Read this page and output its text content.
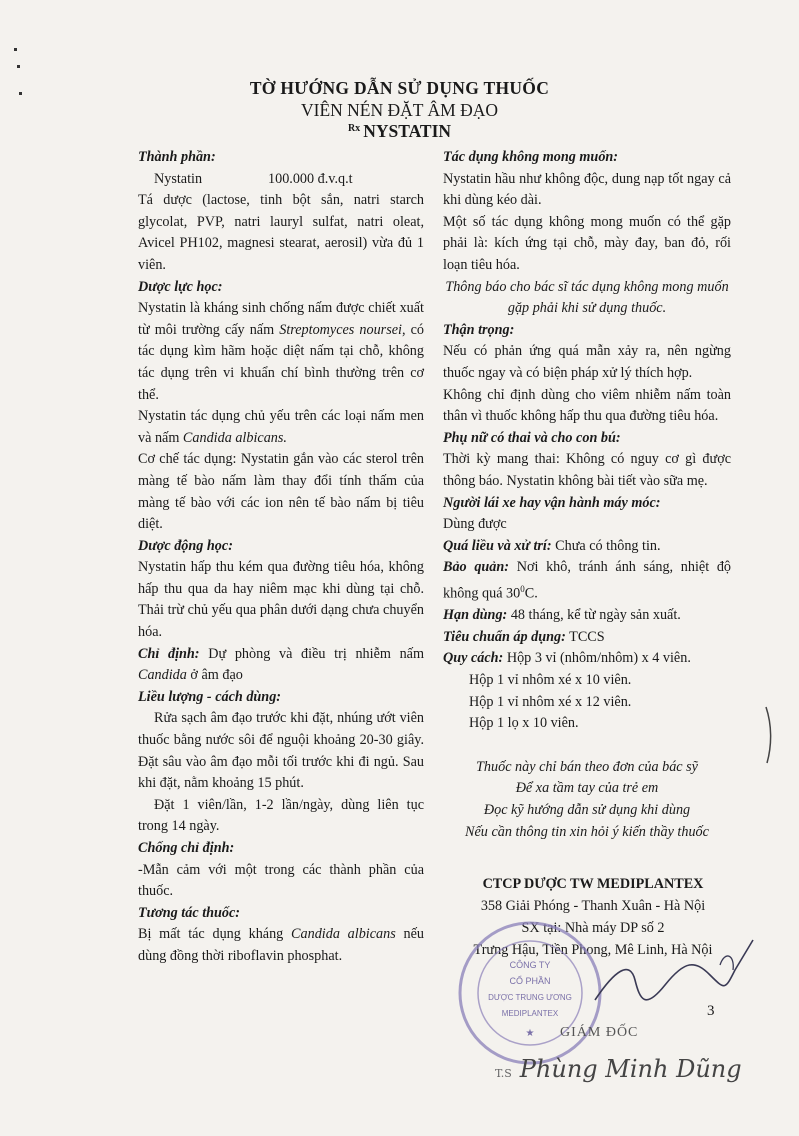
TỜ HƯỚNG DẪN SỬ DỤNG THUỐC
VIÊN NÉN ĐẶT ÂM ĐẠO
$^{Rx}$ NYSTATIN

Thành phần:

Nystatin	100.000 đ.v.q.t

Tá dược (lactose, tinh bột sắn, natri starch glycolat, PVP, natri lauryl sulfat, natri oleat, Avicel PH102, magnesi stearat, aerosil) vừa đủ 1 viên.

Dược lực học:

Nystatin là kháng sinh chống nấm được chiết xuất từ môi trường cấy nấm Streptomyces noursei, có tác dụng kìm hãm hoặc diệt nấm tại chỗ, không tác dụng trên vi khuẩn chí bình thường trên cơ thể.

Nystatin tác dụng chủ yếu trên các loại nấm men và nấm Candida albicans.

Cơ chế tác dụng: Nystatin gắn vào các sterol trên màng tế bào nấm làm thay đổi tính thấm của màng tế bào với các ion nên tế bào nấm bị tiêu diệt.

Dược động học:

Nystatin hấp thu kém qua đường tiêu hóa, không hấp thu qua da hay niêm mạc khi dùng tại chỗ. Thải trừ chủ yếu qua phân dưới dạng chưa chuyển hóa.

Chỉ định: Dự phòng và điều trị nhiễm nấm Candida ở âm đạo

Liều lượng - cách dùng:

Rửa sạch âm đạo trước khi đặt, nhúng ướt viên thuốc bằng nước sôi để nguội khoảng 20-30 giây. Đặt sâu vào âm đạo mỗi tối trước khi đi ngủ. Sau khi đặt, nằm khoảng 15 phút.

Đặt 1 viên/lần, 1-2 lần/ngày, dùng liên tục trong 14 ngày.

Chống chỉ định:

-Mẫn cảm với một trong các thành phần của thuốc.

Tương tác thuốc:

Bị mất tác dụng kháng Candida albicans nếu dùng đồng thời riboflavin phosphat.

Tác dụng không mong muốn:

Nystatin hầu như không độc, dung nạp tốt ngay cả khi dùng kéo dài.

Một số tác dụng không mong muốn có thể gặp phải là: kích ứng tại chỗ, mày đay, ban đỏ, rối loạn tiêu hóa.

Thông báo cho bác sĩ tác dụng không mong muốn gặp phải khi sử dụng thuốc.

Thận trọng:

Nếu có phản ứng quá mẫn xảy ra, nên ngừng thuốc ngay và có biện pháp xử lý thích hợp.

Không chỉ định dùng cho viêm nhiễm nấm toàn thân vì thuốc không hấp thu qua đường tiêu hóa.

Phụ nữ có thai và cho con bú:

Thời kỳ mang thai: Không có nguy cơ gì được thông báo. Nystatin không bài tiết vào sữa mẹ.

Người lái xe hay vận hành máy móc:

Dùng được

Quá liều và xử trí: Chưa có thông tin.

Bảo quản: Nơi khô, tránh ánh sáng, nhiệt độ không quá $30^0C$.

Hạn dùng: 48 tháng, kể từ ngày sản xuất.

Tiêu chuẩn áp dụng: TCCS

Quy cách: Hộp 3 vỉ (nhôm/nhôm) x 4 viên.

Hộp 1 vỉ nhôm xé x 10 viên.

Hộp 1 vỉ nhôm xé x 12 viên.

Hộp 1 lọ x 10 viên.

Thuốc này chỉ bán theo đơn của bác sỹ

Để xa tầm tay của trẻ em

Đọc kỹ hướng dẫn sử dụng khi dùng

Nếu cần thông tin xin hỏi ý kiến thầy thuốc

CTCP DƯỢC TW MEDIPLANTEX
358 Giải Phóng - Thanh Xuân - Hà Nội
SX tại: Nhà máy DP số 2
Trưng Hậu, Tiền Phong, Mê Linh, Hà Nội
CÔNG TY
CỔ PHẦN
DƯỢC TRUNG ƯƠNG
MEDIPLANTEX
★ GIÁM ĐỐC
T.S Phùng Minh Dũng
3
